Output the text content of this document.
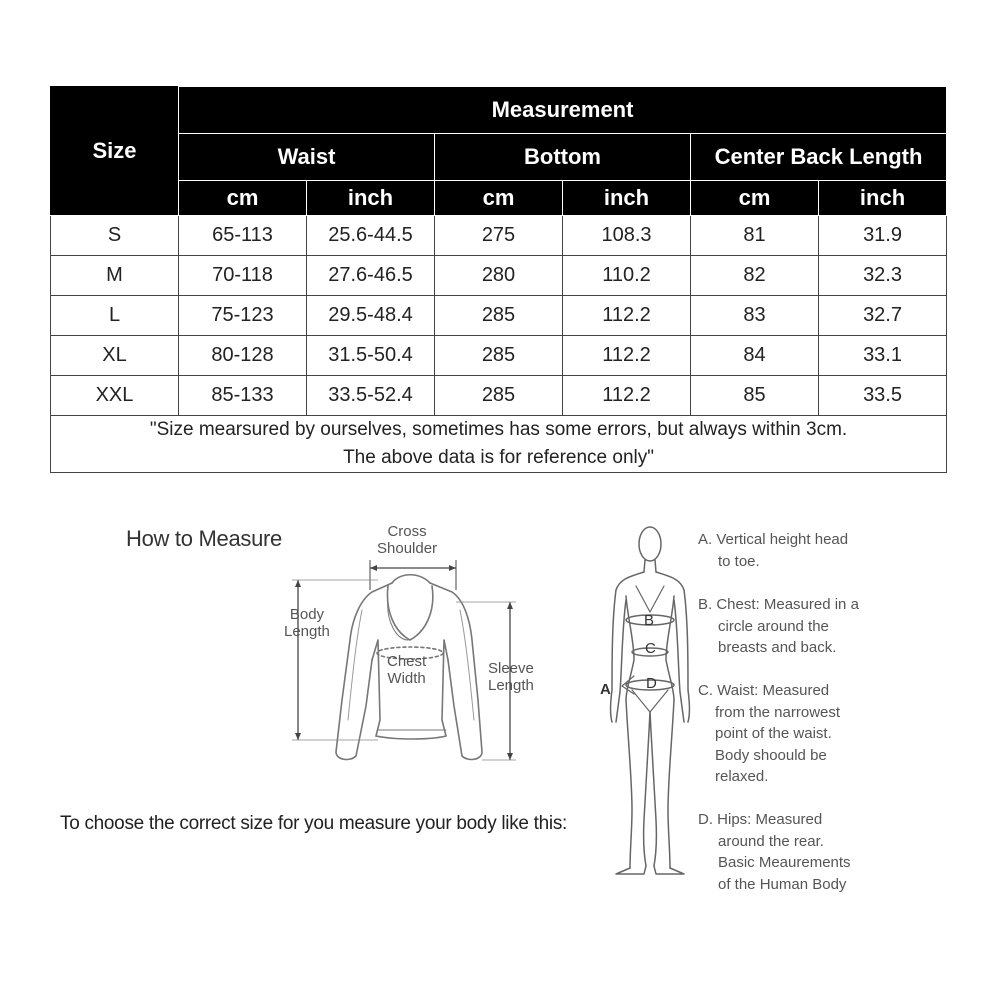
Size	Measurement					
	Waist		Bottom		Center Back Length	
	cm	inch	cm	inch	cm	inch
S	65-113	25.6-44.5	275	108.3	81	31.9
M	70-118	27.6-46.5	280	110.2	82	32.3
L	75-123	29.5-48.4	285	112.2	83	32.7
XL	80-128	31.5-50.4	285	112.2	84	33.1
XXL	85-133	33.5-52.4	285	112.2	85	33.5

"Size mearsured by ourselves, sometimes has some errors, but always within 3cm.
The above data is for reference only"						
How to Measure
To choose the correct size for you measure your body like this:
Cross
Shoulder
Body
Length
Chest
Width
Sleeve
Length
B
C
D
A
A. Vertical height head
to toe.
B. Chest: Measured in a
circle around the
breasts and back.
C. Waist: Measured
from the narrowest
point of the waist.
Body shoould be
relaxed.
D. Hips: Measured
around the rear.
Basic Meaurements
of the Human Body
